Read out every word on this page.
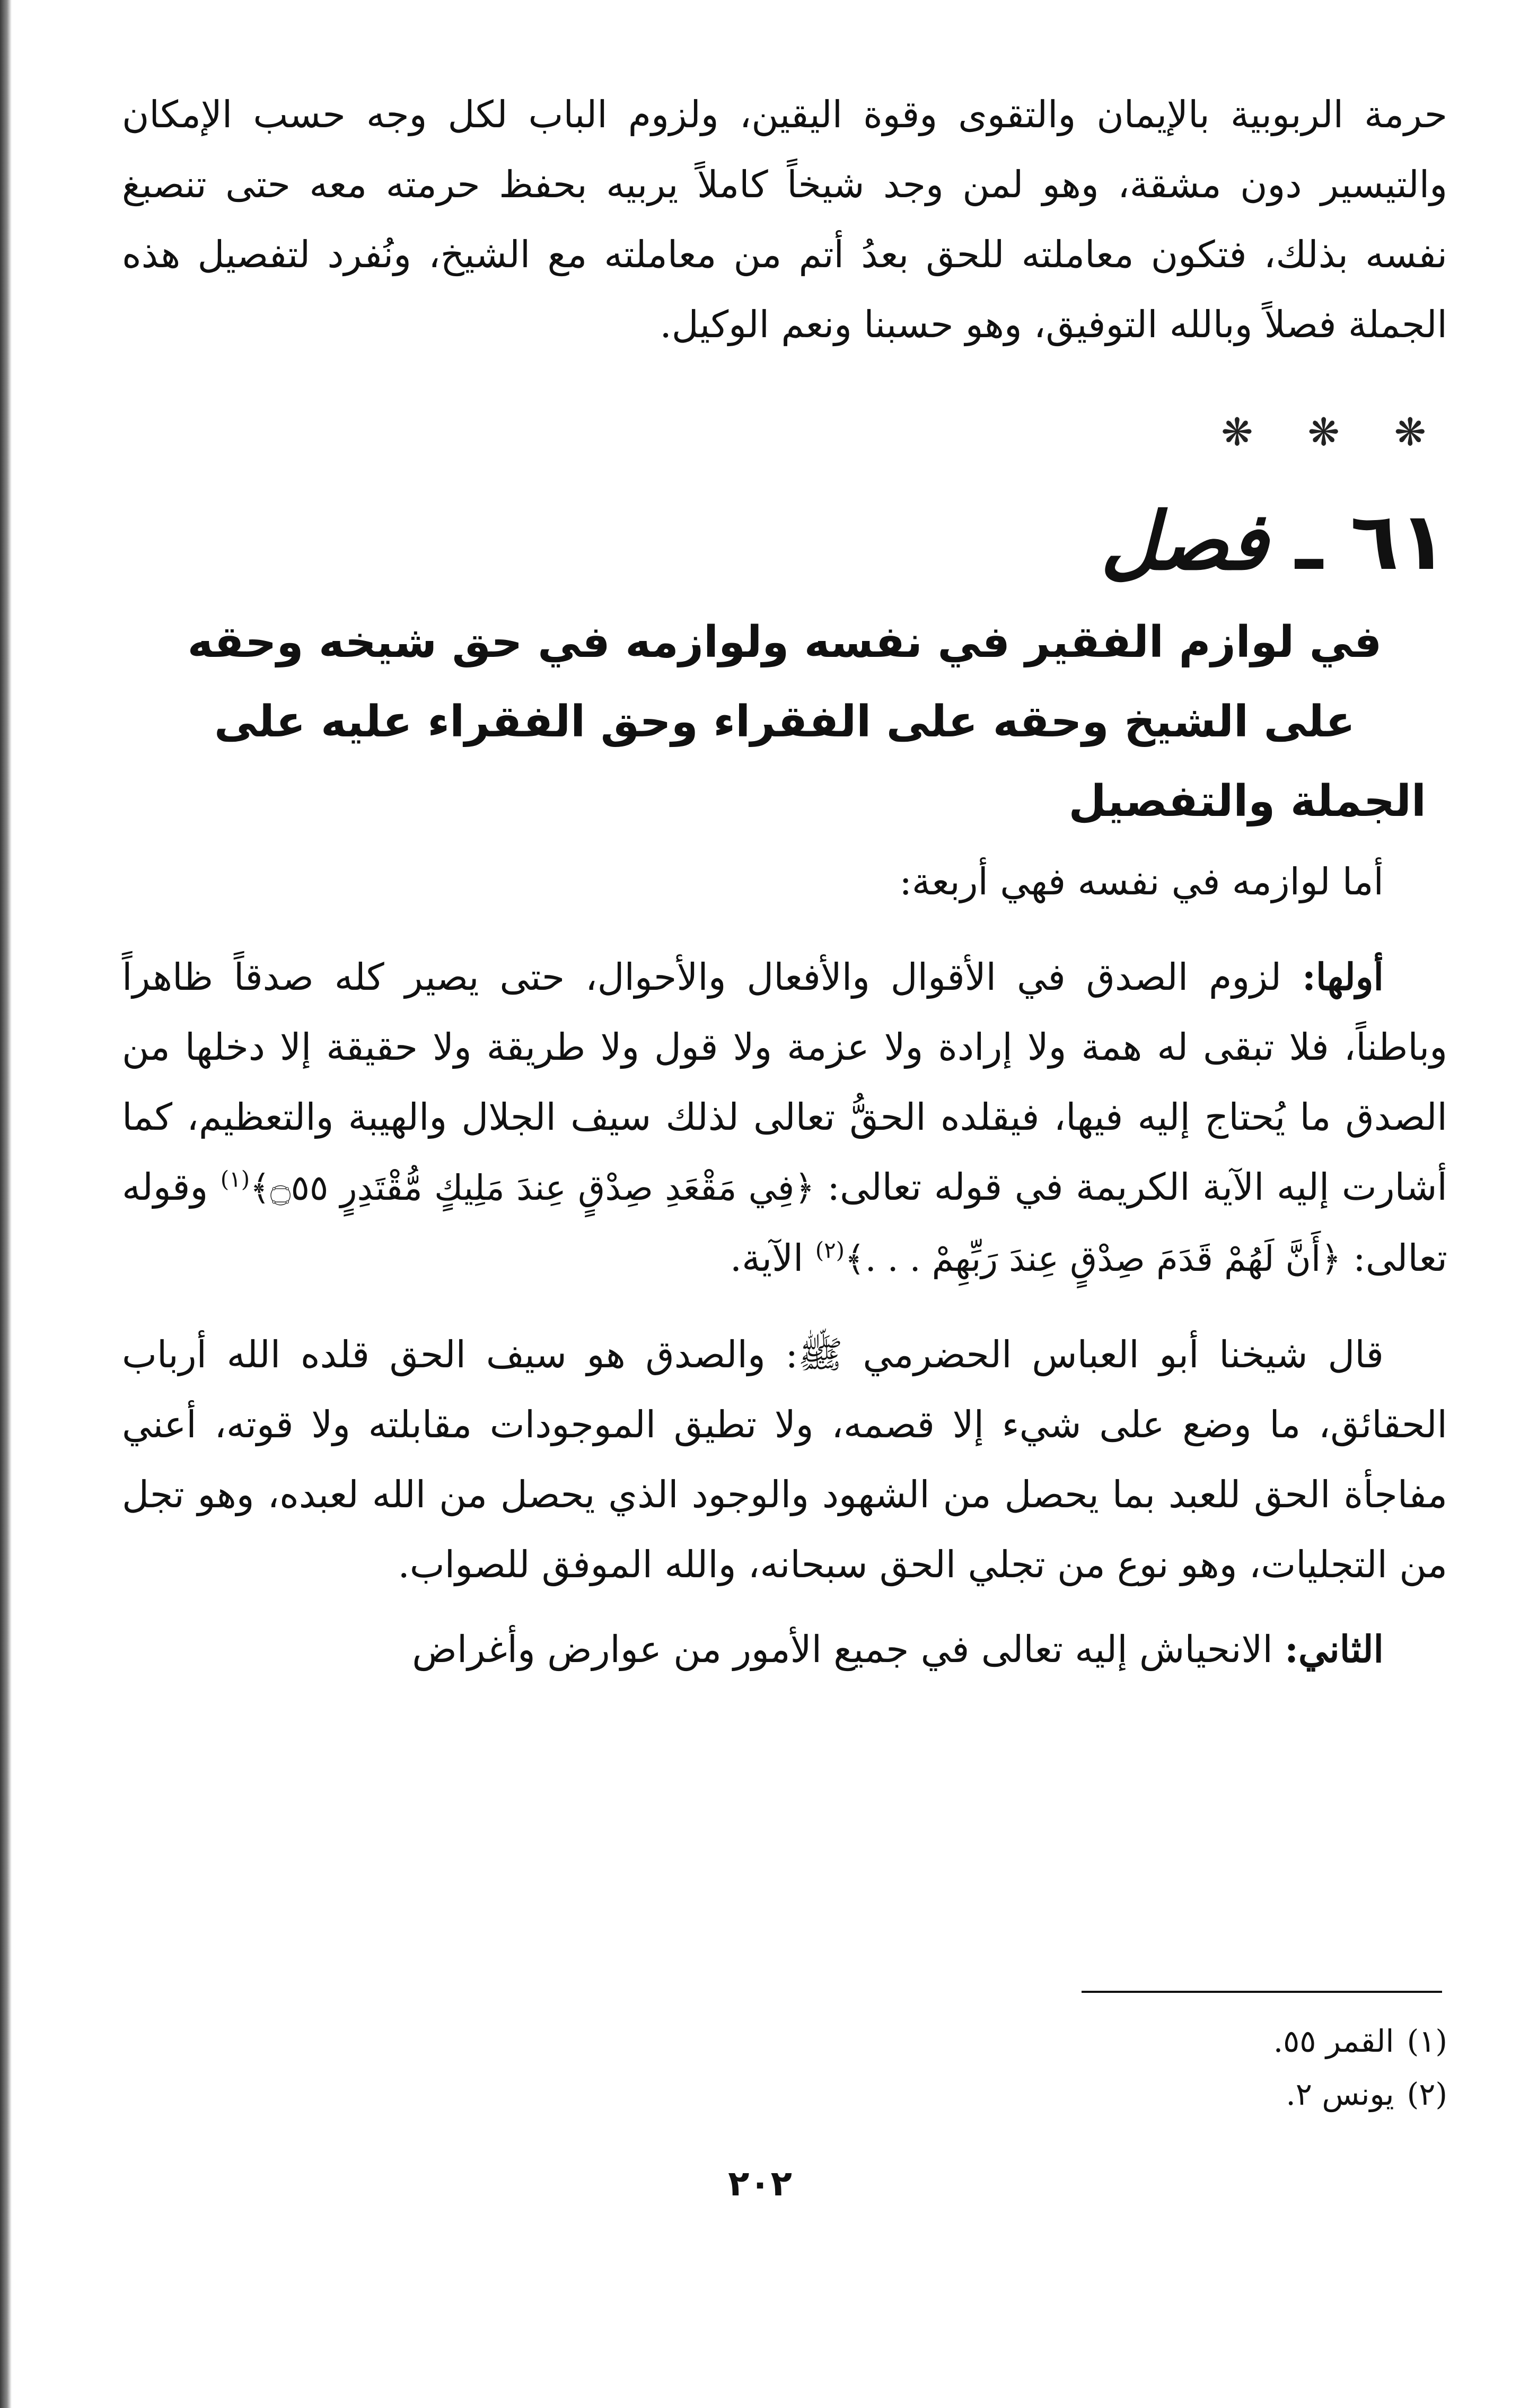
حرمة الربوبية بالإيمان والتقوى وقوة اليقين، ولزوم الباب لكل وجه حسب الإمكان والتيسير دون مشقة، وهو لمن وجد شيخاً كاملاً يربيه بحفظ حرمته معه حتى تنصبغ نفسه بذلك، فتكون معاملته للحق بعدُ أتم من معاملته مع الشيخ، ونُفرد لتفصيل هذه الجملة فصلاً وبالله التوفيق، وهو حسبنا ونعم الوكيل.

❋ ❋ ❋
٦١ ـ فصل
في لوازم الفقير في نفسه ولوازمه في حق شيخه وحقه على الشيخ وحقه على الفقراء وحق الفقراء عليه على الجملة والتفصيل

أما لوازمه في نفسه فهي أربعة:

أولها: لزوم الصدق في الأقوال والأفعال والأحوال، حتى يصير كله صدقاً ظاهراً وباطناً، فلا تبقى له همة ولا إرادة ولا عزمة ولا قول ولا طريقة ولا حقيقة إلا دخلها من الصدق ما يُحتاج إليه فيها، فيقلده الحقُّ تعالى لذلك سيف الجلال والهيبة والتعظيم، كما أشارت إليه الآية الكريمة في قوله تعالى: ﴿فِي مَقْعَدِ صِدْقٍ عِندَ مَلِيكٍ مُّقْتَدِرٍ ۝٥٥﴾$^{(١)}$ وقوله تعالى: ﴿أَنَّ لَهُمْ قَدَمَ صِدْقٍ عِندَ رَبِّهِمْ . . .﴾$^{(٢)}$ الآية.

قال شيخنا أبو العباس الحضرمي ﷺ: والصدق هو سيف الحق قلده الله أرباب الحقائق، ما وضع على شيء إلا قصمه، ولا تطيق الموجودات مقابلته ولا قوته، أعني مفاجأة الحق للعبد بما يحصل من الشهود والوجود الذي يحصل من الله لعبده، وهو تجل من التجليات، وهو نوع من تجلي الحق سبحانه، والله الموفق للصواب.

الثاني: الانحياش إليه تعالى في جميع الأمور من عوارض وأغراض

(١)القمر ٥٥.
(٢)يونس ٢.
٢٠٢
